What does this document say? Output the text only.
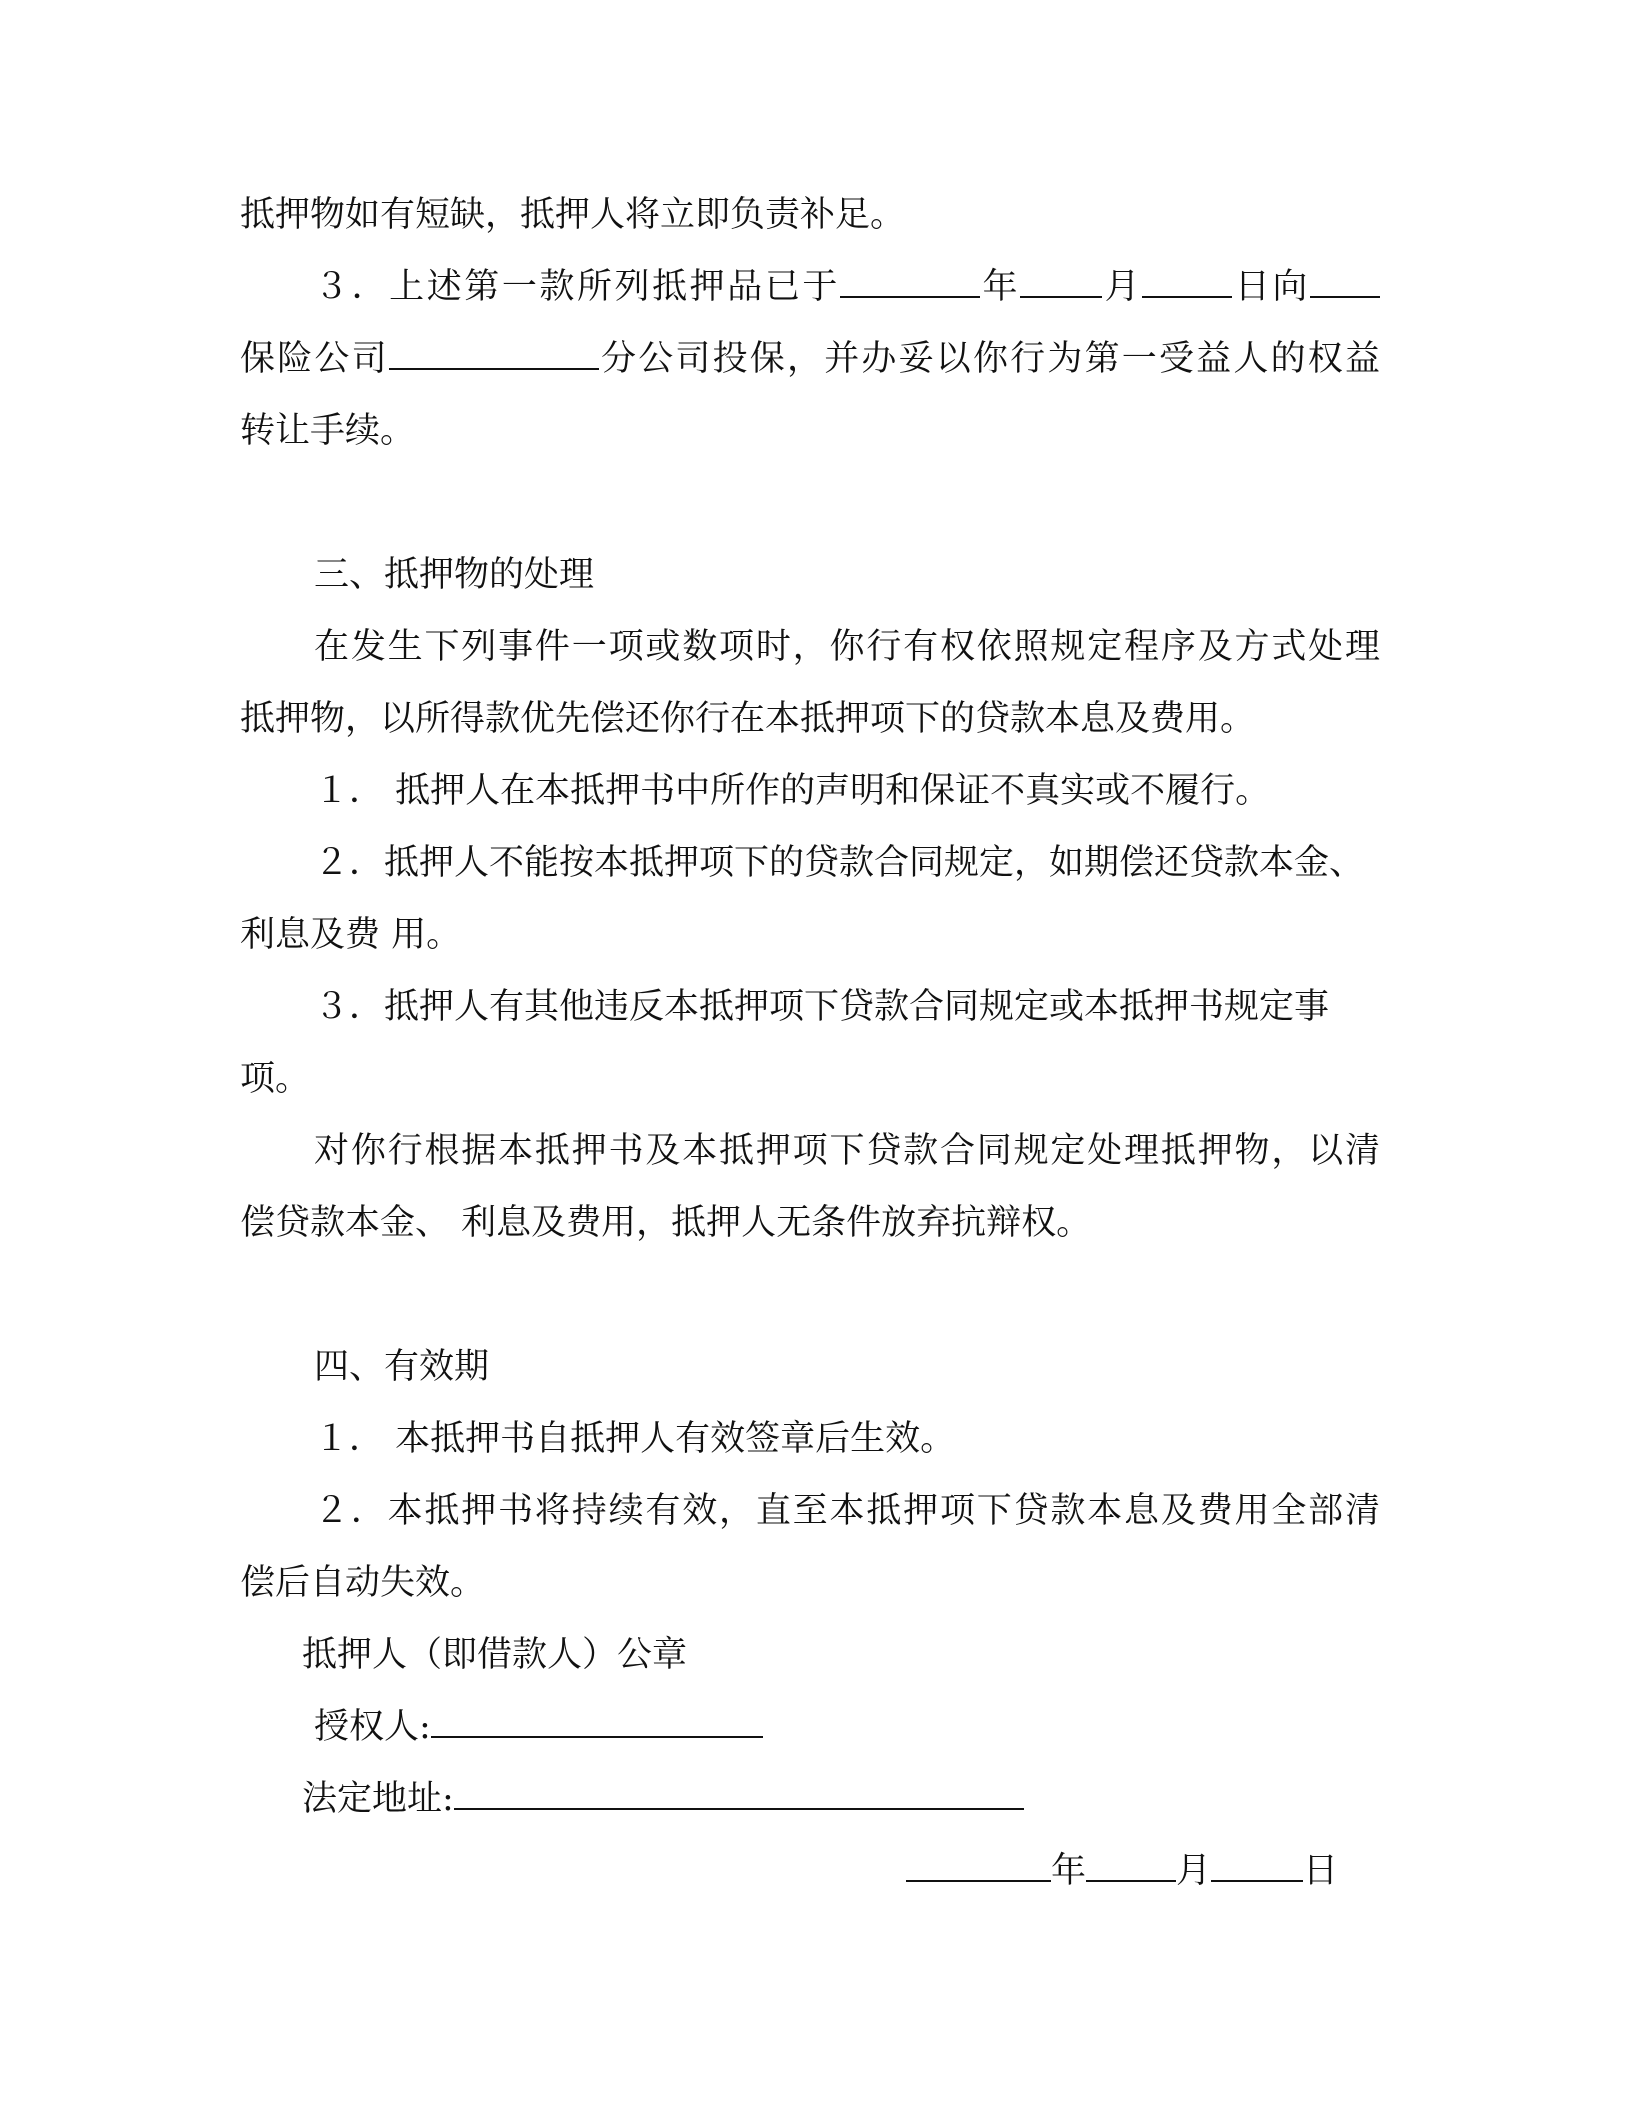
抵押物如有短缺，抵押人将立即负责补足。
３．上述第一款所列抵押品已于	年 月	日向
保险公司	分公司投保，并办妥以你行为第一受益人的权益
转让手续。
三、抵押物的处理
在发生下列事件一项或数项时，你行有权依照规定程序及方式处理
抵押物，以所得款优先偿还你行在本抵押项下的贷款本息及费用。
１． 抵押人在本抵押书中所作的声明和保证不真实或不履行。
２．抵押人不能按本抵押项下的贷款合同规定，如期偿还贷款本金、
利息及费 用。
３．抵押人有其他违反本抵押项下贷款合同规定或本抵押书规定事
项。
对你行根据本抵押书及本抵押项下贷款合同规定处理抵押物，以清
偿贷款本金、 利息及费用，抵押人无条件放弃抗辩权。
四、有效期
１． 本抵押书自抵押人有效签章后生效。
２．本抵押书将持续有效，直至本抵押项下贷款本息及费用全部清
偿后自动失效。
抵押人（即借款人）公章
授权人:
法定地址:
年	月	日
